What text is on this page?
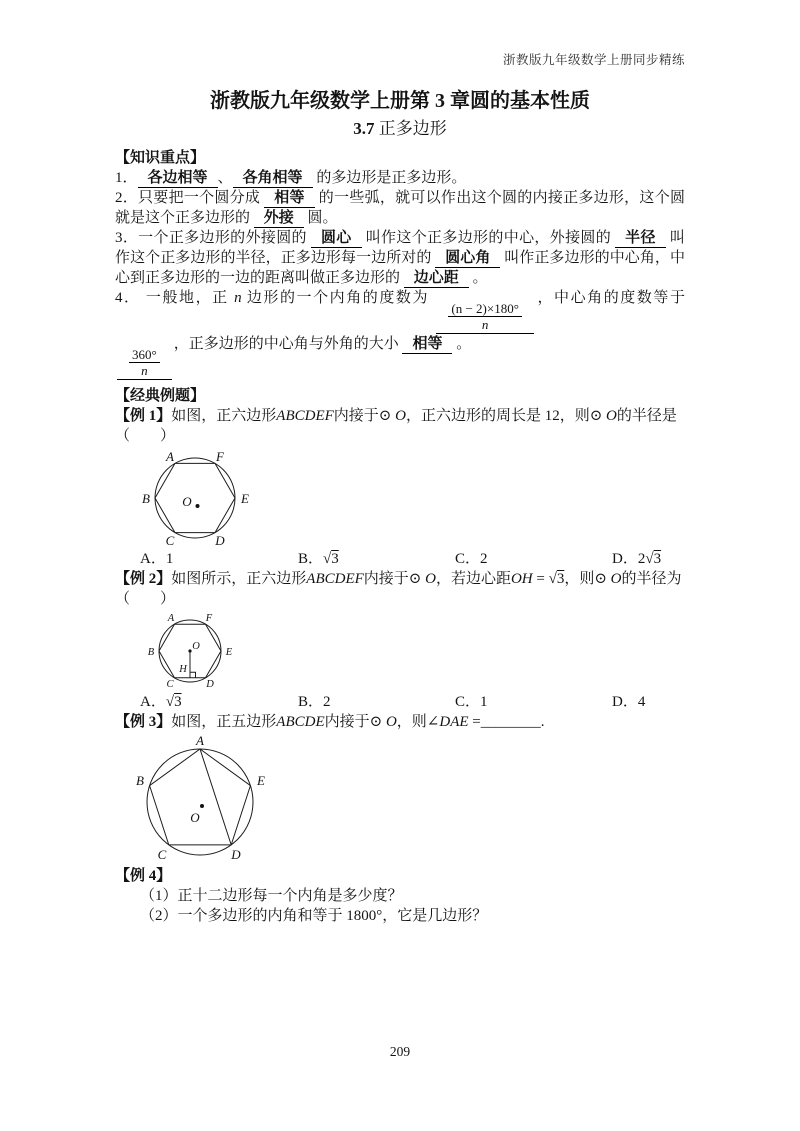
浙教版九年级数学上册同步精练
浙教版九年级数学上册第 3 章圆的基本性质
3.7 正多边形
【知识重点】

1． 各边相等 、 各角相等 的多边形是正多边形。

2．只要把一个圆分成 相等 的一些弧，就可以作出这个圆的内接正多边形，这个圆就是这个正多边形的 外接 圆。

3．一个正多边形的外接圆的 圆心 叫作这个正多边形的中心，外接圆的 半径 叫作这个正多边形的半径，正多边形每一边所对的 圆心角 叫作正多边形的中心角，中心到正多边形的一边的距离叫做正多边形的 边心距 。

4． 一般地，正 n 边形的一个内角的度数为
$\frac{(n - 2)\times 180^\circ}{n}$
，中心角的度数等于
$\frac{360^\circ}{n}$
，正多边形的中心角与外角的大小 相等 。

【经典例题】

【例 1】如图，正六边形ABCDEF内接于⊙ O，正六边形的周长是 12，则⊙ O的半径是

（　　）

A	F
B	E
C	D
O
A．1	B．√3	C．2	D．2√3

【例 2】如图所示，正六边形ABCDEF内接于⊙ O，若边心距OH = √3，则⊙ O的半径为

（　　）

A	F
B	E
C	D
O
H
A．√3	B．2	C．1	D．4

【例 3】如图，正五边形ABCDE内接于⊙ O，则∠DAE =________.

A
B	E
C	D
O

【例 4】

（1）正十二边形每一个内角是多少度？

（2）一个多边形的内角和等于 1800°，它是几边形？

209
